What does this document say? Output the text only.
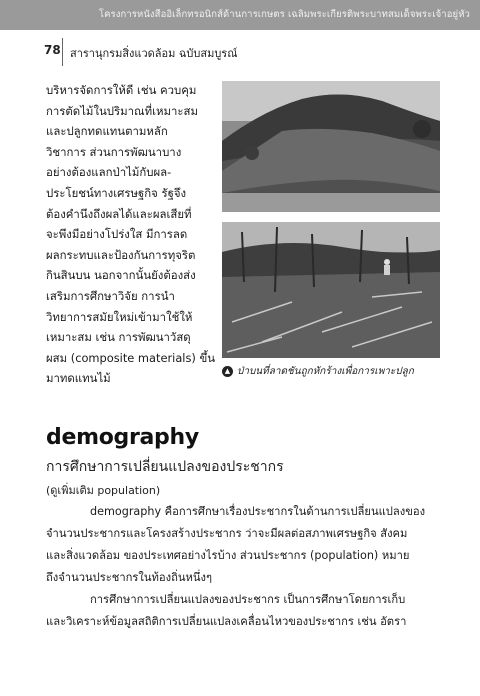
โครงการหนังสืออิเล็กทรอนิกส์ด้านการเกษตร เฉลิมพระเกียรติพระบาทสมเด็จพระเจ้าอยู่หัว
78 สารานุกรมสิ่งแวดล้อม ฉบับสมบูรณ์
บริหารจัดการให้ดี เช่น ควบคุม
การตัดไม้ในปริมาณที่เหมาะสม
และปลูกทดแทนตามหลัก
วิชาการ ส่วนการพัฒนาบาง
อย่างต้องแลกป่าไม้กับผล-
ประโยชน์ทางเศรษฐกิจ รัฐจึง
ต้องคำนึงถึงผลได้และผลเสียที่
จะพึงมีอย่างโปร่งใส มีการลด
ผลกระทบและป้องกันการทุจริต
กินสินบน นอกจากนั้นยังต้องส่ง
เสริมการศึกษาวิจัย การนำ
วิทยาการสมัยใหม่เข้ามาใช้ให้
เหมาะสม เช่น การพัฒนาวัสดุ
ผสม (composite materials) ขึ้น
มาทดแทนไม้
▲ ป่าบนที่ลาดชันถูกหักร้างเพื่อการเพาะปลูก
demography
การศึกษาการเปลี่ยนแปลงของประชากร
(ดูเพิ่มเติม population)
demography คือการศึกษาเรื่องประชากรในด้านการเปลี่ยนแปลงของ
จำนวนประชากรและโครงสร้างประชากร ว่าจะมีผลต่อสภาพเศรษฐกิจ สังคม
และสิ่งแวดล้อม ของประเทศอย่างไรบ้าง ส่วนประชากร (population) หมาย
ถึงจำนวนประชากรในท้องถิ่นหนึ่งๆ
การศึกษาการเปลี่ยนแปลงของประชากร เป็นการศึกษาโดยการเก็บ
และวิเคราะห์ข้อมูลสถิติการเปลี่ยนแปลงเคลื่อนไหวของประชากร เช่น อัตรา
